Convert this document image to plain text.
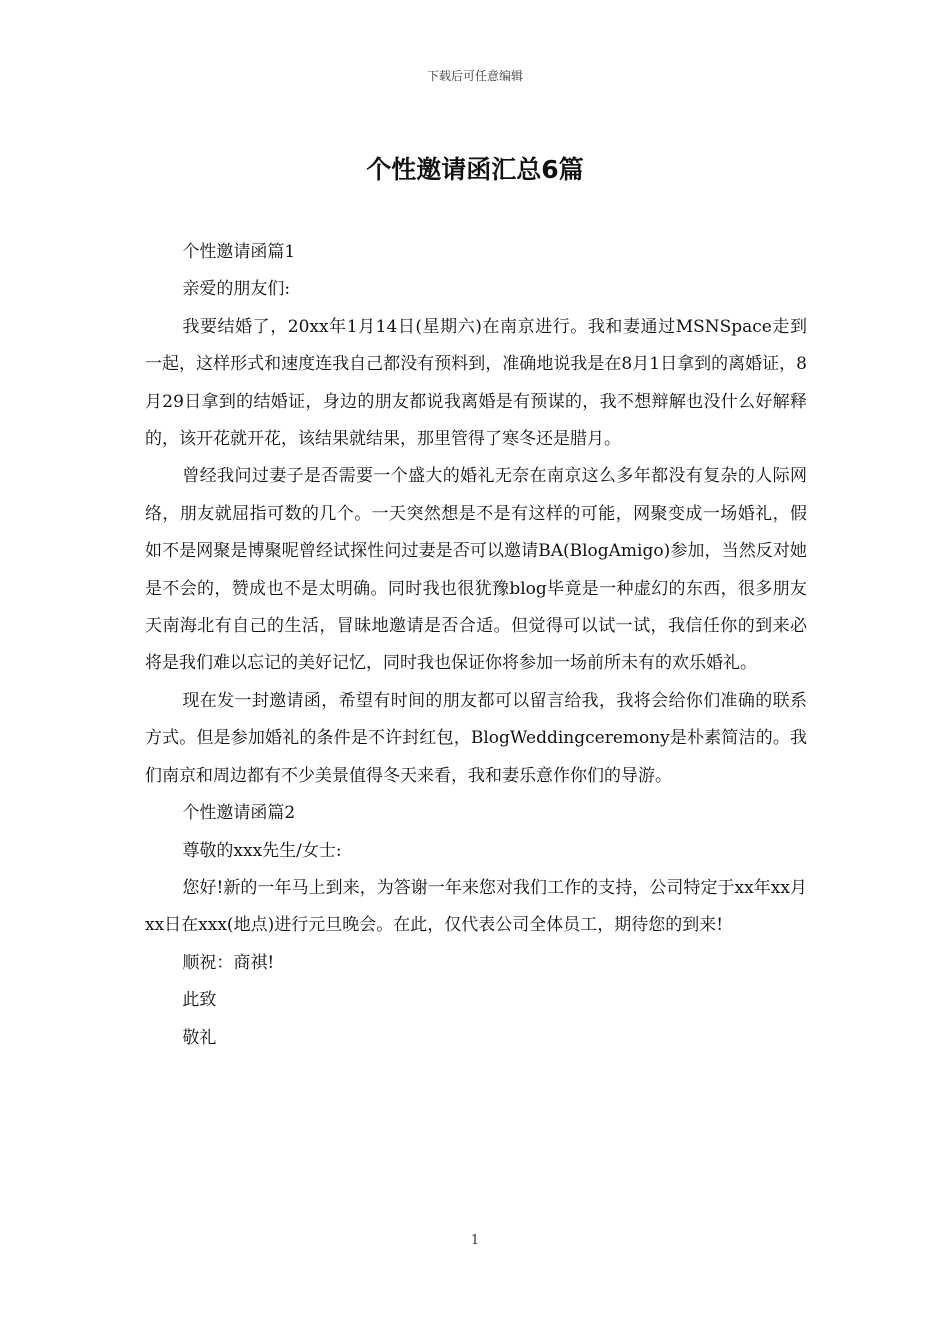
下载后可任意编辑
个性邀请函汇总6篇

个性邀请函篇1

亲爱的朋友们:

我要结婚了，20xx年1月14日(星期六)在南京进行。我和妻通过MSNSpace走到一起，这样形式和速度连我自己都没有预料到，准确地说我是在8月1日拿到的离婚证，8月29日拿到的结婚证，身边的朋友都说我离婚是有预谋的，我不想辩解也没什么好解释的，该开花就开花，该结果就结果，那里管得了寒冬还是腊月。

曾经我问过妻子是否需要一个盛大的婚礼无奈在南京这么多年都没有复杂的人际网络，朋友就屈指可数的几个。一天突然想是不是有这样的可能，网聚变成一场婚礼，假如不是网聚是博聚呢曾经试探性问过妻是否可以邀请BA(BlogAmigo)参加，当然反对她是不会的，赞成也不是太明确。同时我也很犹豫blog毕竟是一种虚幻的东西，很多朋友天南海北有自己的生活，冒昧地邀请是否合适。但觉得可以试一试，我信任你的到来必将是我们难以忘记的美好记忆，同时我也保证你将参加一场前所未有的欢乐婚礼。

现在发一封邀请函，希望有时间的朋友都可以留言给我，我将会给你们准确的联系方式。但是参加婚礼的条件是不许封红包，BlogWeddingceremony是朴素简洁的。我们南京和周边都有不少美景值得冬天来看，我和妻乐意作你们的导游。

个性邀请函篇2

尊敬的xxx先生/女士:

您好!新的一年马上到来，为答谢一年来您对我们工作的支持，公司特定于xx年xx月xx日在xxx(地点)进行元旦晚会。在此，仅代表公司全体员工，期待您的到来!

顺祝：商祺!

此致

敬礼

1
